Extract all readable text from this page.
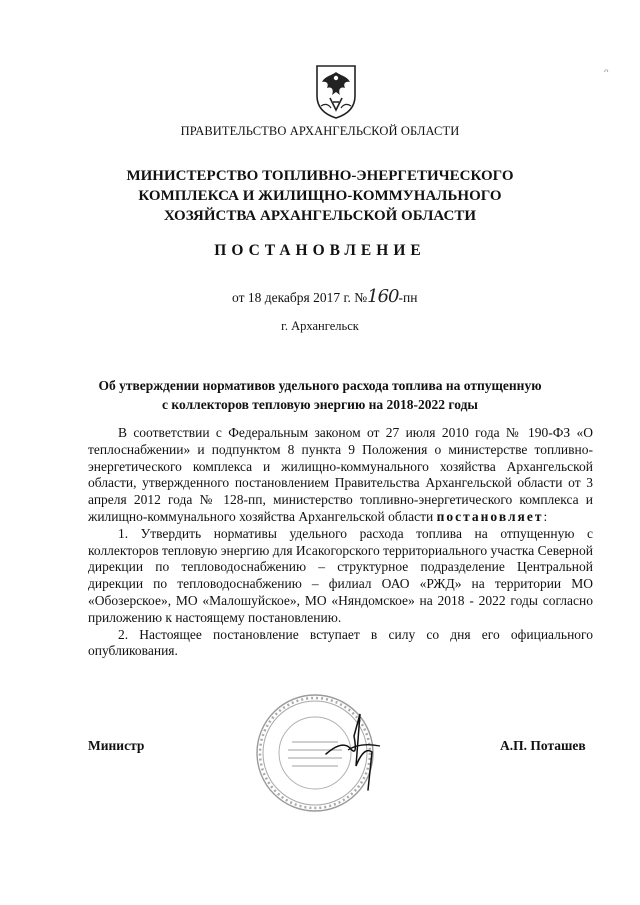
ᴖ
ПРАВИТЕЛЬСТВО АРХАНГЕЛЬСКОЙ ОБЛАСТИ
МИНИСТЕРСТВО ТОПЛИВНО-ЭНЕРГЕТИЧЕСКОГО
КОМПЛЕКСА И ЖИЛИЩНО-КОММУНАЛЬНОГО
ХОЗЯЙСТВА АРХАНГЕЛЬСКОЙ ОБЛАСТИ
ПОСТАНОВЛЕНИЕ
от 18 декабря 2017 г. №160-пн
г. Архангельск
Об утверждении нормативов удельного расхода топлива на отпущенную
с коллекторов тепловую энергию на 2018-2022 годы

В соответствии с Федеральным законом от 27 июля 2010 года № 190-ФЗ «О теплоснабжении» и подпунктом 8 пункта 9 Положения о министерстве топливно-энергетического комплекса и жилищно-коммунального хозяйства Архангельской области, утвержденного постановлением Правительства Архангельской области от 3 апреля 2012 года № 128-пп, министерство топливно-энергетического комплекса и жилищно-коммунального хозяйства Архангельской области постановляет:

1. Утвердить нормативы удельного расхода топлива на отпущенную с коллекторов тепловую энергию для Исакогорского территориального участка Северной дирекции по тепловодоснабжению – структурное подразделение Центральной дирекции по тепловодоснабжению – филиал ОАО «РЖД» на территории МО «Обозерское», МО «Малошуйское», МО «Няндомское» на 2018 - 2022 годы согласно приложению к настоящему постановлению.

2. Настоящее постановление вступает в силу со дня его официального опубликования.

Министр	А.П. Поташев
